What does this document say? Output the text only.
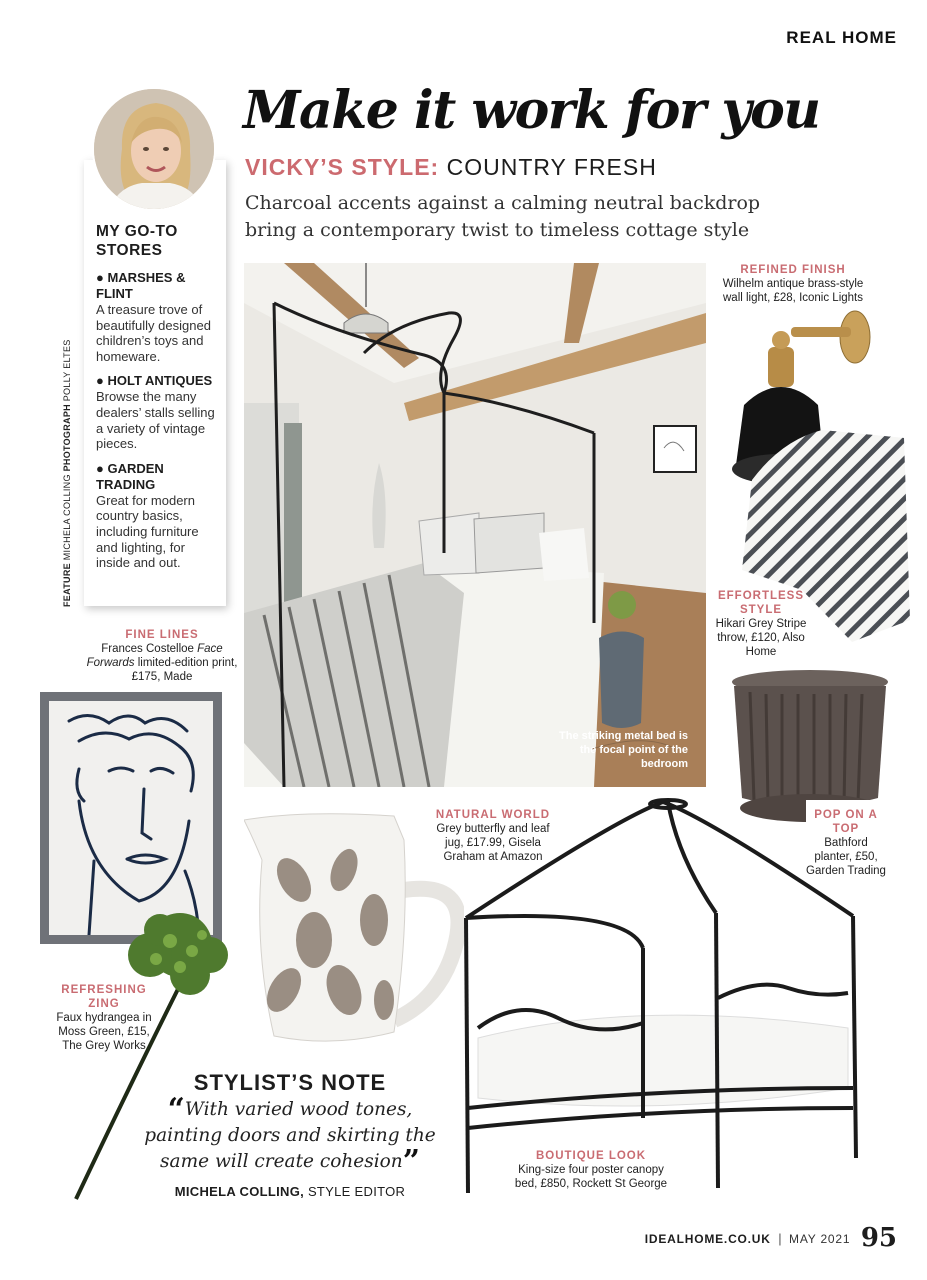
REAL HOME
Make it work for you
VICKY’S STYLE: COUNTRY FRESH

Charcoal accents against a calming neutral backdrop bring a contemporary twist to timeless cottage style

MY GO-TO STORES
● MARSHES & FLINT
A treasure trove of beautifully designed children’s toys and homeware.
● HOLT ANTIQUES
Browse the many dealers’ stalls selling a variety of vintage pieces.
● GARDEN TRADING
Great for modern country basics, including furniture and lighting, for inside and out.
FEATURE MICHELA COLLING PHOTOGRAPH POLLY ELTES
The striking metal bed is the focal point of the bedroom
REFINED FINISH
Wilhelm antique brass-style wall light, £28, Iconic Lights
EFFORTLESS STYLE
Hikari Grey Stripe throw, £120, Also Home
POP ON A TOP
Bathford planter, £50, Garden Trading
FINE LINES
Frances Costelloe Face Forwards limited-edition print, £175, Made
REFRESHING ZING
Faux hydrangea in Moss Green, £15, The Grey Works
NATURAL WORLD
Grey butterfly and leaf jug, £17.99, Gisela Graham at Amazon
BOUTIQUE LOOK
King-size four poster canopy bed, £850, Rockett St George
STYLIST’S NOTE
“With varied wood tones, painting doors and skirting the same will create cohesion”
MICHELA COLLING, STYLE EDITOR
IDEALHOME.CO.UK | MAY 2021 95
